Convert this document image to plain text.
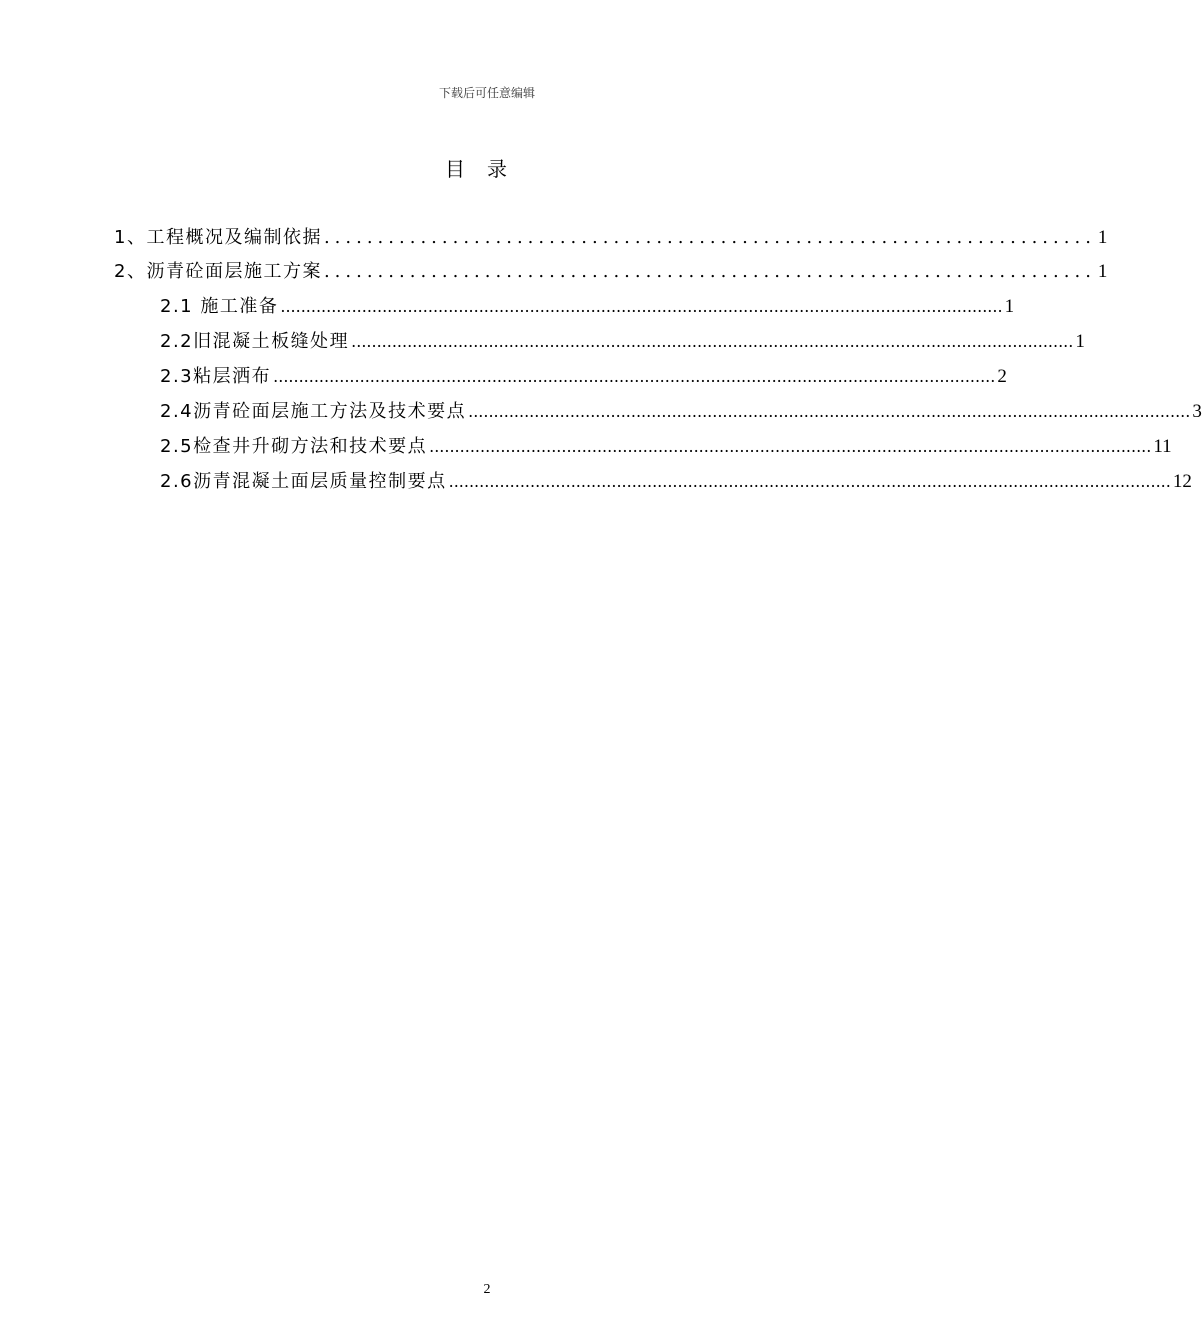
下载后可任意编辑
目录
1、工程概况及编制依据 ........................................................................ 1
2、沥青砼面层施工方案 ........................................................................ 1
2.1 施工准备 .............................................................................................................................................. 1
2.2旧混凝土板缝处理 .............................................................................................................................................. 1
2.3粘层洒布 .............................................................................................................................................. 2
2.4沥青砼面层施工方法及技术要点 .............................................................................................................................................. 3
2.5检查井升砌方法和技术要点 .............................................................................................................................................. 11
2.6沥青混凝土面层质量控制要点 .............................................................................................................................................. 12
2
